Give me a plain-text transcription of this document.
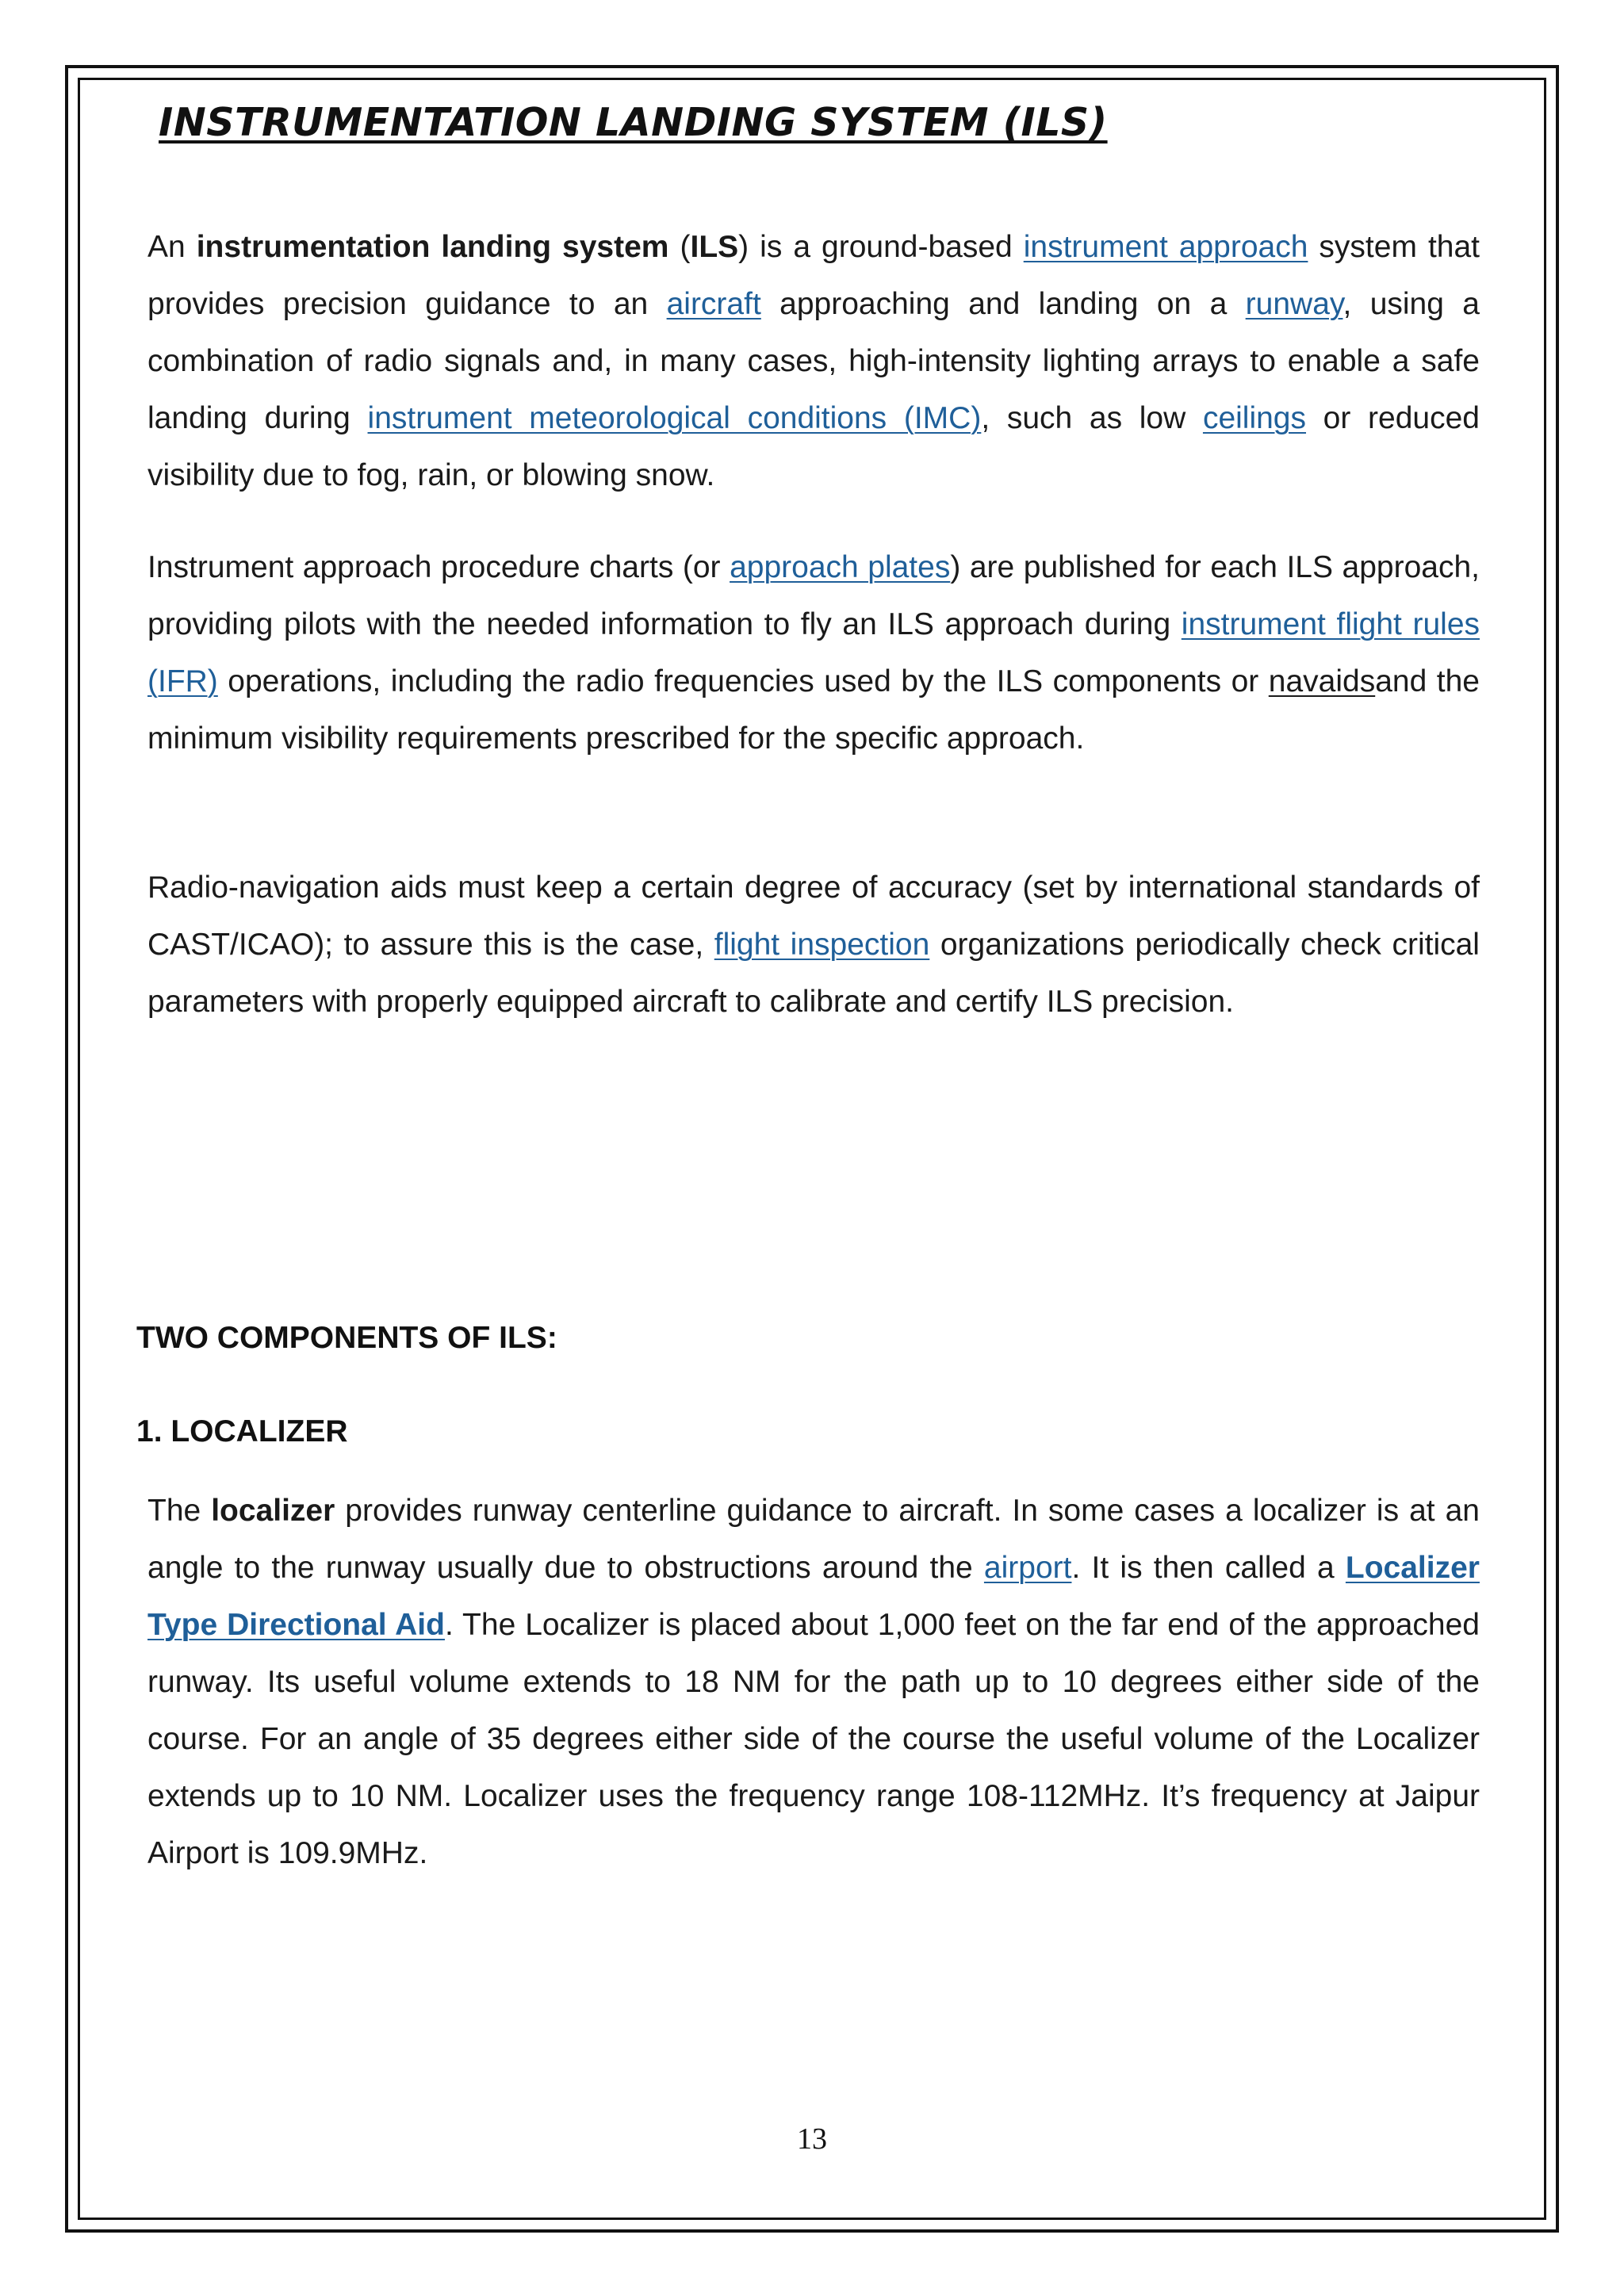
INSTRUMENTATION LANDING SYSTEM (ILS)

An instrumentation landing system (ILS) is a ground-based instrument approach system that provides precision guidance to an aircraft approaching and landing on a runway, using a combination of radio signals and, in many cases, high-intensity lighting arrays to enable a safe landing during instrument meteorological conditions (IMC), such as low ceilings or reduced visibility due to fog, rain, or blowing snow.

Instrument approach procedure charts (or approach plates) are published for each ILS approach, providing pilots with the needed information to fly an ILS approach during instrument flight rules (IFR) operations, including the radio frequencies used by the ILS components or navaidsand the minimum visibility requirements prescribed for the specific approach.

Radio-navigation aids must keep a certain degree of accuracy (set by international standards of CAST/ICAO); to assure this is the case, flight inspection organizations periodically check critical parameters with properly equipped aircraft to calibrate and certify ILS precision.

TWO COMPONENTS OF ILS:
1. LOCALIZER

The localizer provides runway centerline guidance to aircraft. In some cases a localizer is at an angle to the runway usually due to obstructions around the airport. It is then called a Localizer Type Directional Aid. The Localizer is placed about 1,000 feet on the far end of the approached runway. Its useful volume extends to 18 NM for the path up to 10 degrees either side of the course. For an angle of 35 degrees either side of the course the useful volume of the Localizer extends up to 10 NM. Localizer uses the frequency range 108-112MHz. It’s frequency at Jaipur Airport is 109.9MHz.

13
